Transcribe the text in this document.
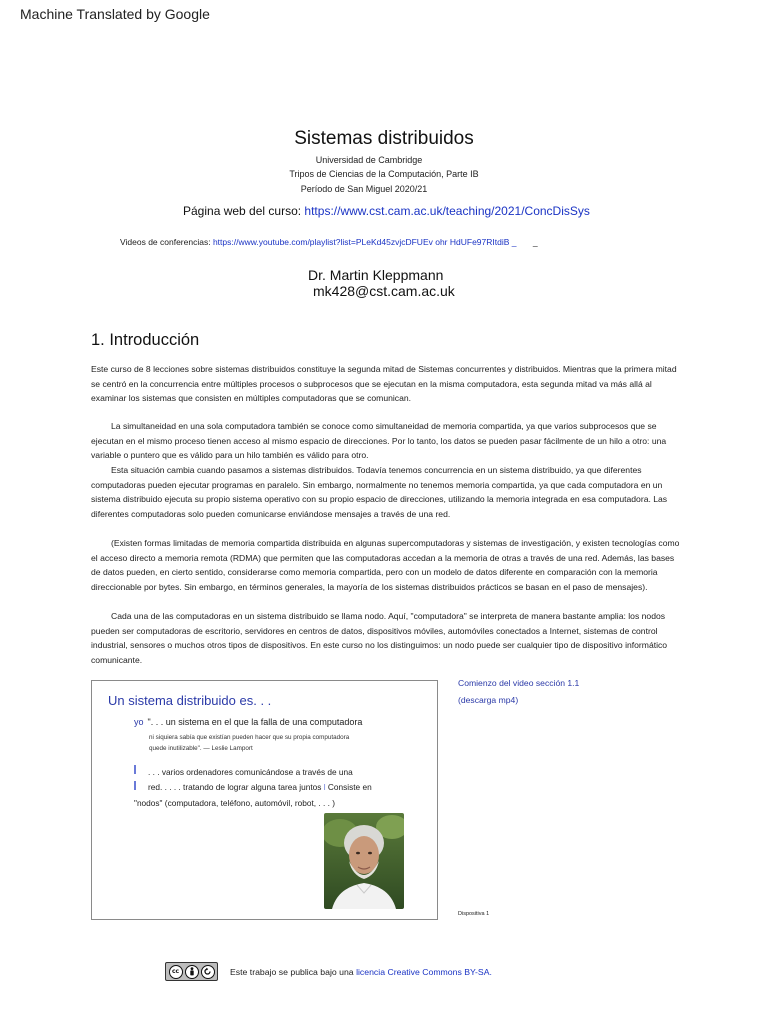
Machine Translated by Google
Sistemas distribuidos
Universidad de Cambridge
Tripos de Ciencias de la Computación, Parte IB
Período de San Miguel 2020/21
Página web del curso: https://www.cst.cam.ac.uk/teaching/2021/ConcDisSys
Videos de conferencias: https://www.youtube.com/playlist?list=PLeKd45zvjcDFUEv ohr HdUFe97RItdiB _ _
Dr. Martin Kleppmann
mk428@cst.cam.ac.uk
1. Introducción
Este curso de 8 lecciones sobre sistemas distribuidos constituye la segunda mitad de Sistemas concurrentes y distribuidos. Mientras que la primera mitad se centró en la concurrencia entre múltiples procesos o subprocesos que se ejecutan en la misma computadora, esta segunda mitad va más allá al examinar los sistemas que consisten en múltiples computadoras que se comunican.
La simultaneidad en una sola computadora también se conoce como simultaneidad de memoria compartida, ya que varios subprocesos que se ejecutan en el mismo proceso tienen acceso al mismo espacio de direcciones. Por lo tanto, los datos se pueden pasar fácilmente de un hilo a otro: una variable o puntero que es válido para un hilo también es válido para otro.
Esta situación cambia cuando pasamos a sistemas distribuidos. Todavía tenemos concurrencia en un sistema distribuido, ya que diferentes computadoras pueden ejecutar programas en paralelo. Sin embargo, normalmente no tenemos memoria compartida, ya que cada computadora en un sistema distribuido ejecuta su propio sistema operativo con su propio espacio de direcciones, utilizando la memoria integrada en esa computadora. Las diferentes computadoras solo pueden comunicarse enviándose mensajes a través de una red.
(Existen formas limitadas de memoria compartida distribuida en algunas supercomputadoras y sistemas de investigación, y existen tecnologías como el acceso directo a memoria remota (RDMA) que permiten que las computadoras accedan a la memoria de otras a través de una red. Además, las bases de datos pueden, en cierto sentido, considerarse como memoria compartida, pero con un modelo de datos diferente en comparación con la memoria direccionable por bytes. Sin embargo, en términos generales, la mayoría de los sistemas distribuidos prácticos se basan en el paso de mensajes).
Cada una de las computadoras en un sistema distribuido se llama nodo. Aquí, "computadora" se interpreta de manera bastante amplia: los nodos pueden ser computadoras de escritorio, servidores en centros de datos, dispositivos móviles, automóviles conectados a Internet, sistemas de control industrial, sensores o muchos otros tipos de dispositivos. En este curso no los distinguimos: un nodo puede ser cualquier tipo de dispositivo informático comunicante.
Un sistema distribuido es. . .
yo ". . . un sistema en el que la falla de una computadora
ni siquiera sabía que existían pueden hacer que su propia computadora
quede inutilizable". — Leslie Lamport
. . . varios ordenadores comunicándose a través de una
red. . . . . tratando de lograr alguna tarea juntos l Consiste en
"nodos" (computadora, teléfono, automóvil, robot, . . . )
Comienzo del video sección 1.1
(descarga mp4)
Dispositiva 1
cc	Este trabajo se publica bajo una licencia Creative Commons BY-SA.
